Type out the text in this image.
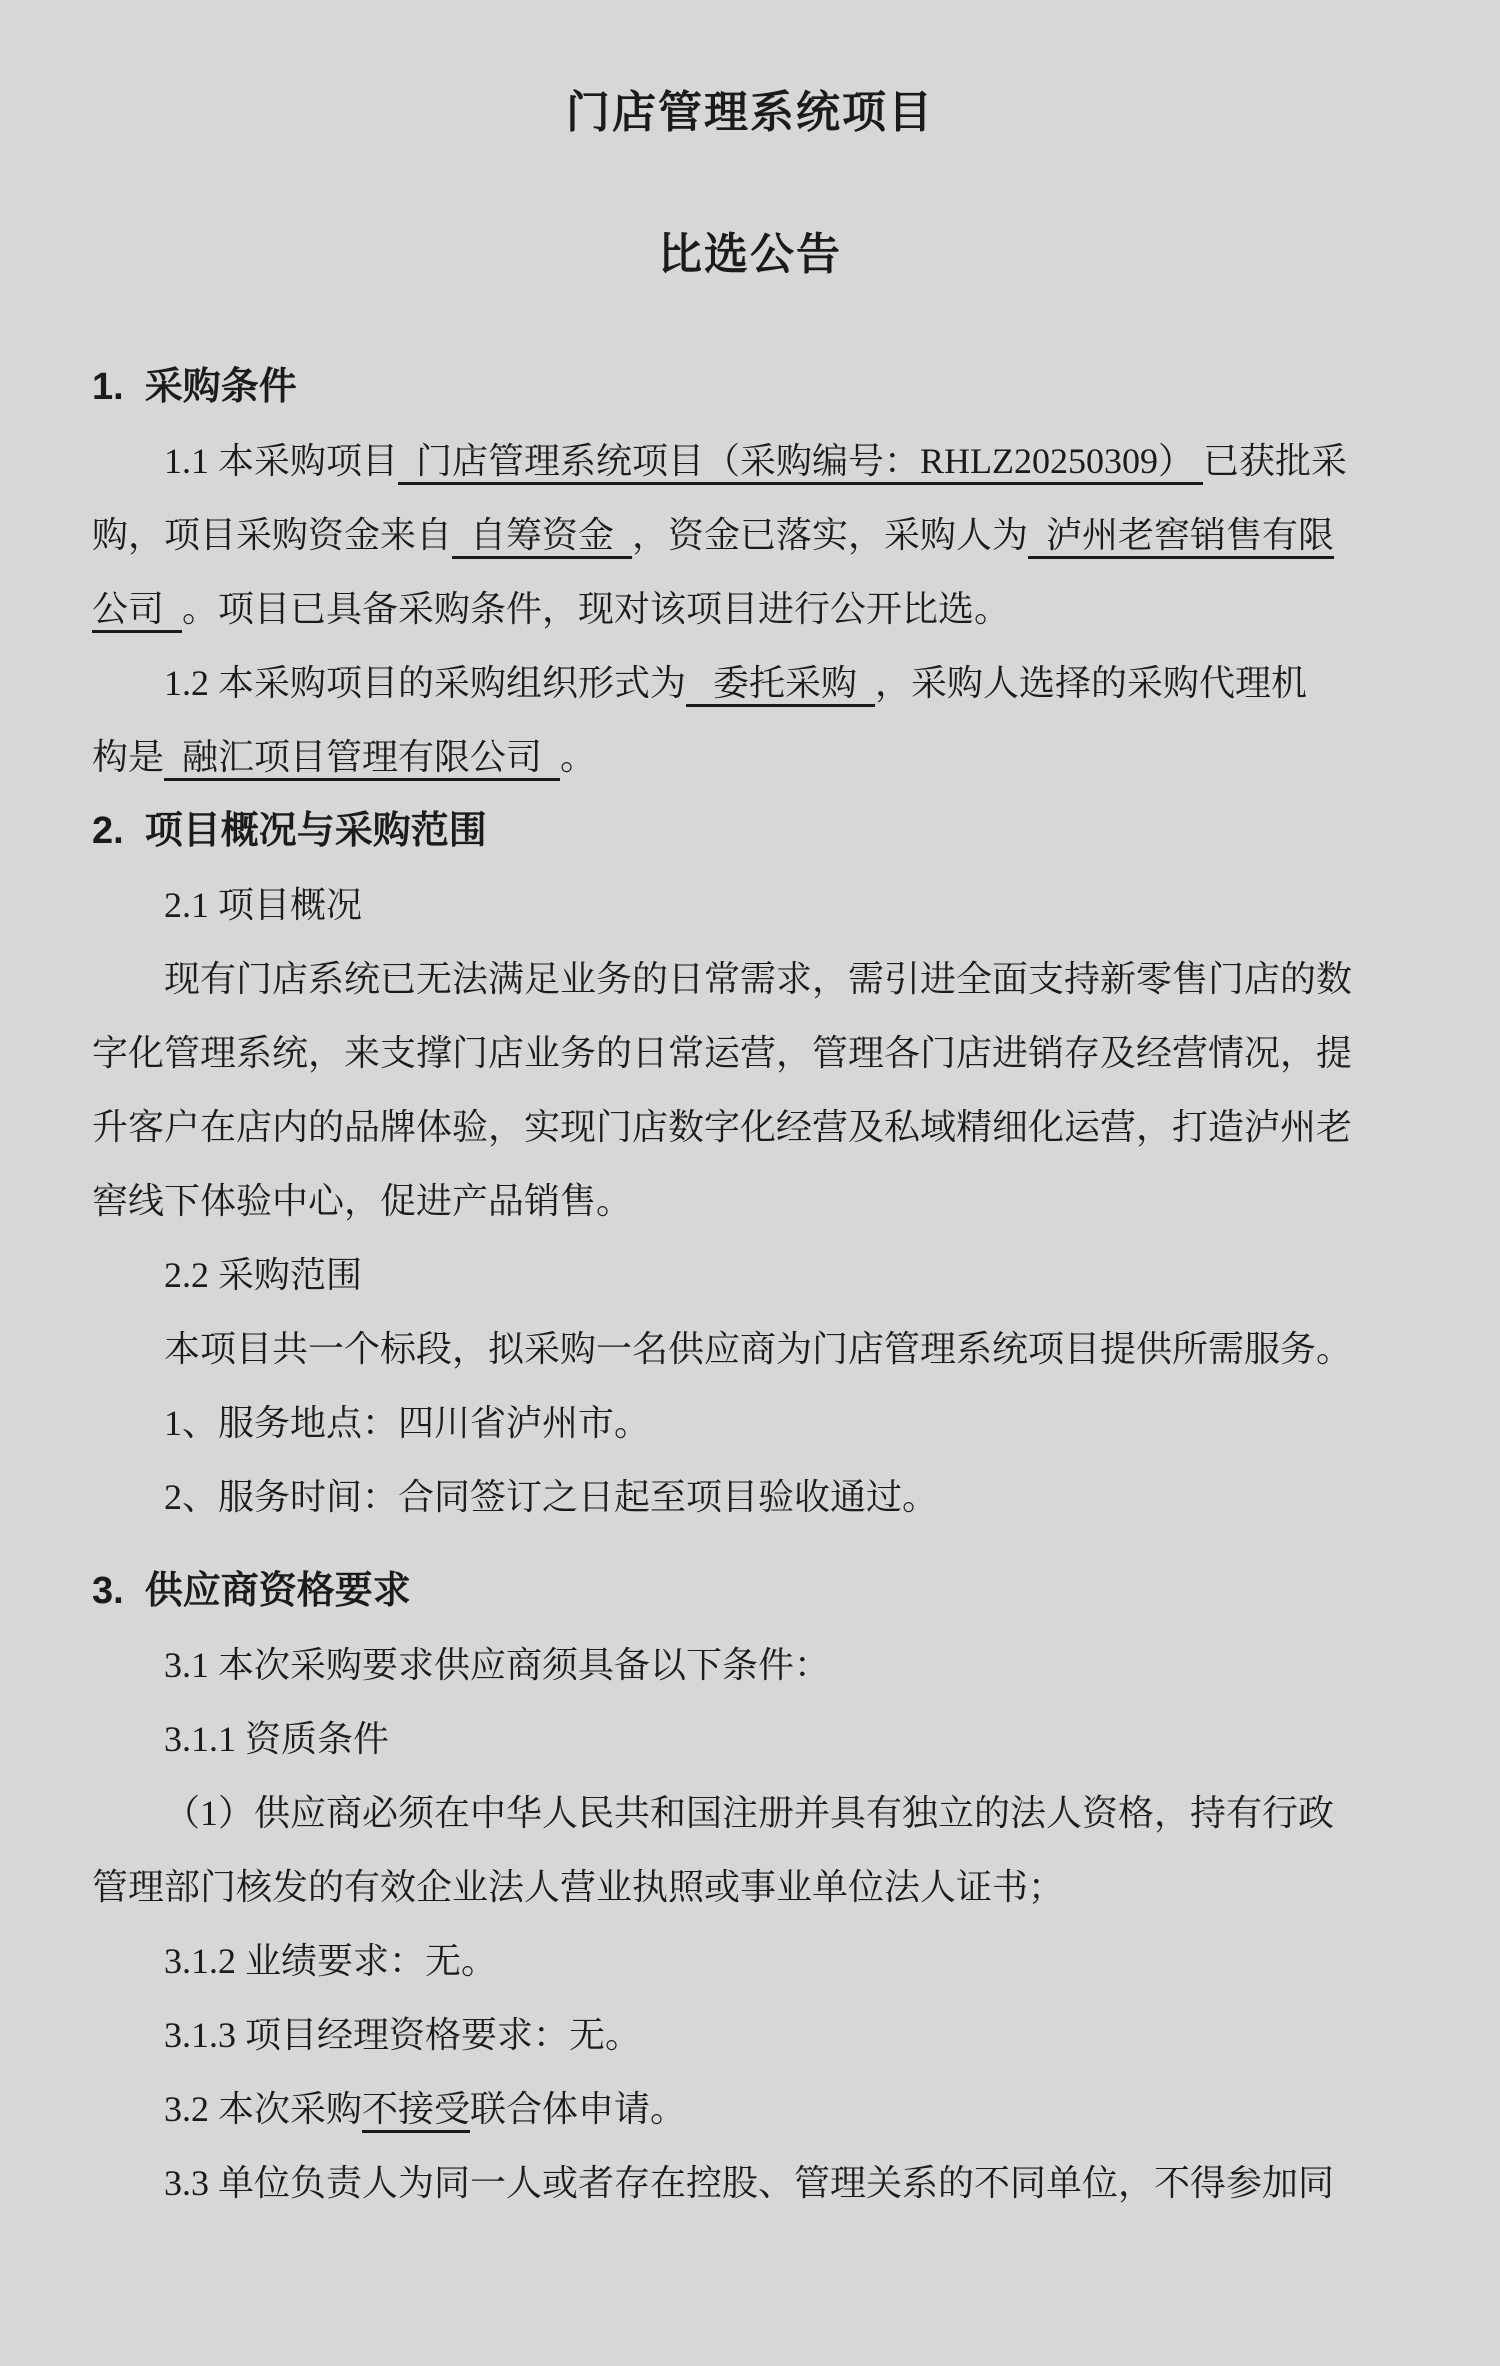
门店管理系统项目
比选公告
1.  采购条件
1.1 本采购项目  门店管理系统项目（采购编号：RHLZ20250309） 已获批采
购，项目采购资金来自  自筹资金  ，资金已落实，采购人为  泸州老窖销售有限
公司  。项目已具备采购条件，现对该项目进行公开比选。
1.2 本采购项目的采购组织形式为   委托采购  ，采购人选择的采购代理机
构是  融汇项目管理有限公司  。
2.  项目概况与采购范围
2.1 项目概况
现有门店系统已无法满足业务的日常需求，需引进全面支持新零售门店的数
字化管理系统，来支撑门店业务的日常运营，管理各门店进销存及经营情况，提
升客户在店内的品牌体验，实现门店数字化经营及私域精细化运营，打造泸州老
窖线下体验中心，促进产品销售。
2.2 采购范围
本项目共一个标段，拟采购一名供应商为门店管理系统项目提供所需服务。
1、服务地点：四川省泸州市。
2、服务时间：合同签订之日起至项目验收通过。
3.  供应商资格要求
3.1 本次采购要求供应商须具备以下条件：
3.1.1 资质条件
（1）供应商必须在中华人民共和国注册并具有独立的法人资格，持有行政
管理部门核发的有效企业法人营业执照或事业单位法人证书；
3.1.2 业绩要求：无。
3.1.3 项目经理资格要求：无。
3.2 本次采购不接受联合体申请。
3.3 单位负责人为同一人或者存在控股、管理关系的不同单位，不得参加同
